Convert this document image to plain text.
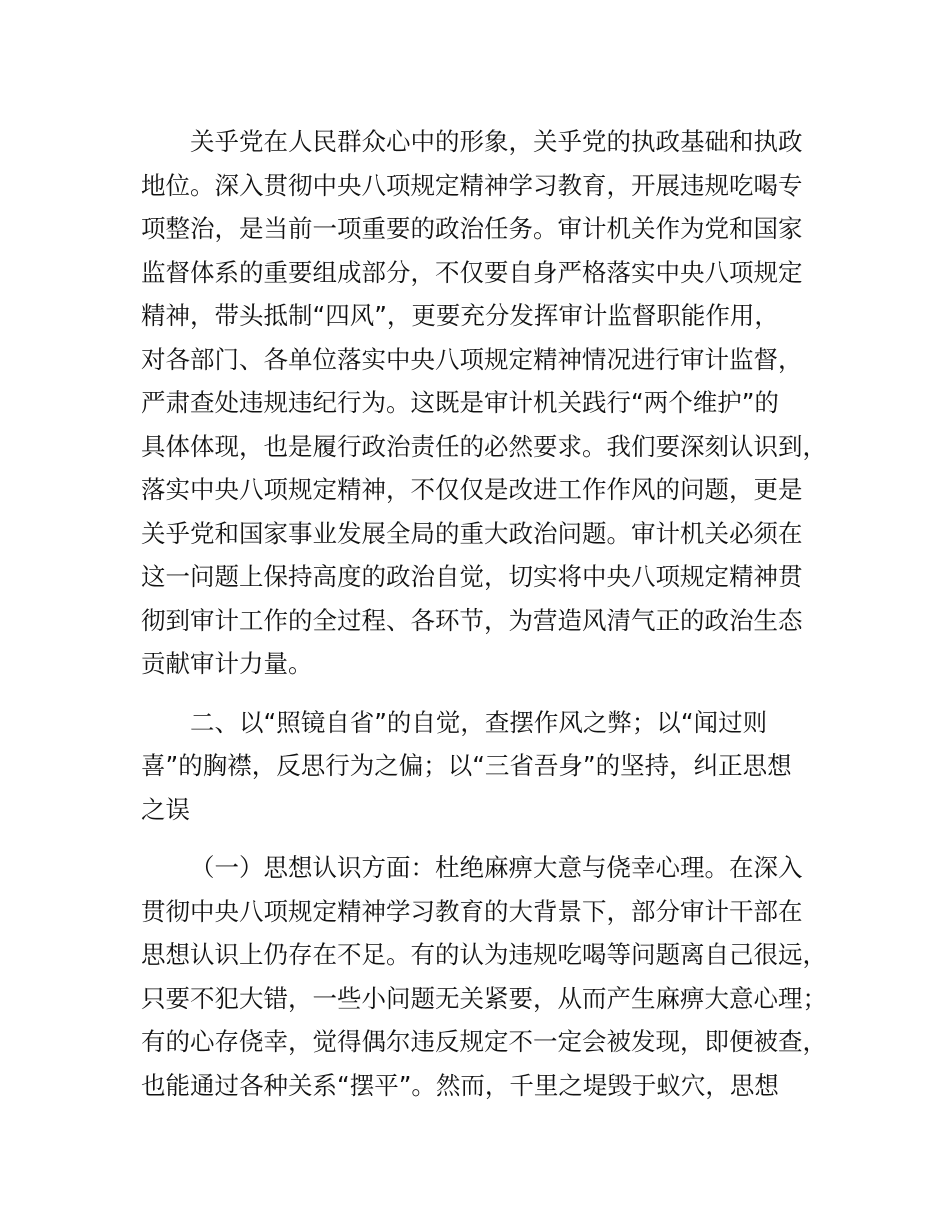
关乎党在人民群众心中的形象，关乎党的执政基础和执政
地位。深入贯彻中央八项规定精神学习教育，开展违规吃喝专
项整治，是当前一项重要的政治任务。审计机关作为党和国家
监督体系的重要组成部分，不仅要自身严格落实中央八项规定
精神，带头抵制“四风”，更要充分发挥审计监督职能作用，
对各部门、各单位落实中央八项规定精神情况进行审计监督，
严肃查处违规违纪行为。这既是审计机关践行“两个维护”的
具体体现，也是履行政治责任的必然要求。我们要深刻认识到，
落实中央八项规定精神，不仅仅是改进工作作风的问题，更是
关乎党和国家事业发展全局的重大政治问题。审计机关必须在
这一问题上保持高度的政治自觉，切实将中央八项规定精神贯
彻到审计工作的全过程、各环节，为营造风清气正的政治生态
贡献审计力量。
二、以“照镜自省”的自觉，查摆作风之弊；以“闻过则
喜”的胸襟，反思行为之偏；以“三省吾身”的坚持，纠正思想
之误
（一）思想认识方面：杜绝麻痹大意与侥幸心理。在深入
贯彻中央八项规定精神学习教育的大背景下，部分审计干部在
思想认识上仍存在不足。有的认为违规吃喝等问题离自己很远，
只要不犯大错，一些小问题无关紧要，从而产生麻痹大意心理；
有的心存侥幸，觉得偶尔违反规定不一定会被发现，即便被查，
也能通过各种关系“摆平”。然而，千里之堤毁于蚁穴，思想
